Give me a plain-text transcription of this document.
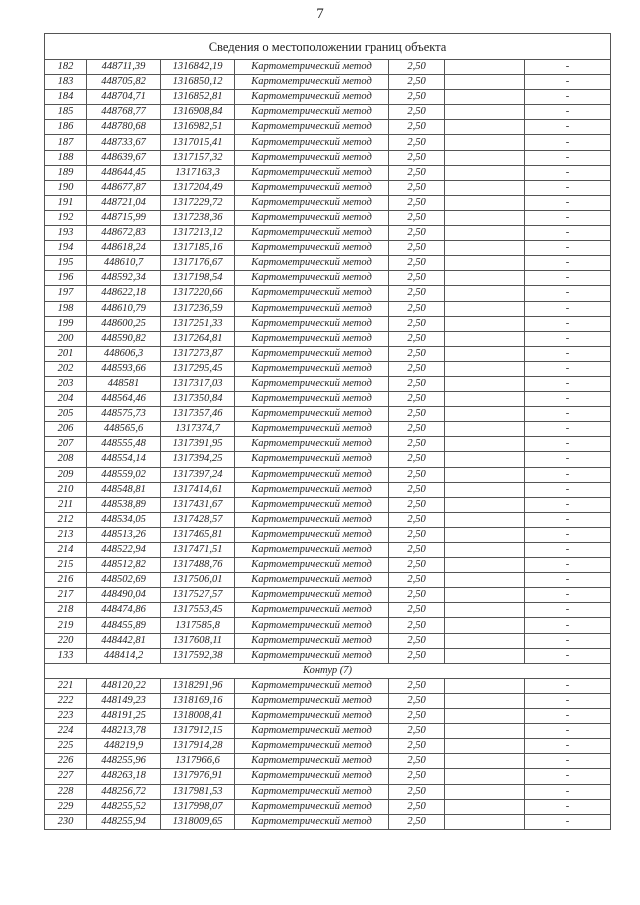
7
Сведения о местоположении границ объекта						
182	448711,39	1316842,19	Картометрический метод	2,50		-
183	448705,82	1316850,12	Картометрический метод	2,50		-
184	448704,71	1316852,81	Картометрический метод	2,50		-
185	448768,77	1316908,84	Картометрический метод	2,50		-
186	448780,68	1316982,51	Картометрический метод	2,50		-
187	448733,67	1317015,41	Картометрический метод	2,50		-
188	448639,67	1317157,32	Картометрический метод	2,50		-
189	448644,45	1317163,3	Картометрический метод	2,50		-
190	448677,87	1317204,49	Картометрический метод	2,50		-
191	448721,04	1317229,72	Картометрический метод	2,50		-
192	448715,99	1317238,36	Картометрический метод	2,50		-
193	448672,83	1317213,12	Картометрический метод	2,50		-
194	448618,24	1317185,16	Картометрический метод	2,50		-
195	448610,7	1317176,67	Картометрический метод	2,50		-
196	448592,34	1317198,54	Картометрический метод	2,50		-
197	448622,18	1317220,66	Картометрический метод	2,50		-
198	448610,79	1317236,59	Картометрический метод	2,50		-
199	448600,25	1317251,33	Картометрический метод	2,50		-
200	448590,82	1317264,81	Картометрический метод	2,50		-
201	448606,3	1317273,87	Картометрический метод	2,50		-
202	448593,66	1317295,45	Картометрический метод	2,50		-
203	448581	1317317,03	Картометрический метод	2,50		-
204	448564,46	1317350,84	Картометрический метод	2,50		-
205	448575,73	1317357,46	Картометрический метод	2,50		-
206	448565,6	1317374,7	Картометрический метод	2,50		-
207	448555,48	1317391,95	Картометрический метод	2,50		-
208	448554,14	1317394,25	Картометрический метод	2,50		-
209	448559,02	1317397,24	Картометрический метод	2,50		-
210	448548,81	1317414,61	Картометрический метод	2,50		-
211	448538,89	1317431,67	Картометрический метод	2,50		-
212	448534,05	1317428,57	Картометрический метод	2,50		-
213	448513,26	1317465,81	Картометрический метод	2,50		-
214	448522,94	1317471,51	Картометрический метод	2,50		-
215	448512,82	1317488,76	Картометрический метод	2,50		-
216	448502,69	1317506,01	Картометрический метод	2,50		-
217	448490,04	1317527,57	Картометрический метод	2,50		-
218	448474,86	1317553,45	Картометрический метод	2,50		-
219	448455,89	1317585,8	Картометрический метод	2,50		-
220	448442,81	1317608,11	Картометрический метод	2,50		-
133	448414,2	1317592,38	Картометрический метод	2,50		-
Контур (7)						
221	448120,22	1318291,96	Картометрический метод	2,50		-
222	448149,23	1318169,16	Картометрический метод	2,50		-
223	448191,25	1318008,41	Картометрический метод	2,50		-
224	448213,78	1317912,15	Картометрический метод	2,50		-
225	448219,9	1317914,28	Картометрический метод	2,50		-
226	448255,96	1317966,6	Картометрический метод	2,50		-
227	448263,18	1317976,91	Картометрический метод	2,50		-
228	448256,72	1317981,53	Картометрический метод	2,50		-
229	448255,52	1317998,07	Картометрический метод	2,50		-
230	448255,94	1318009,65	Картометрический метод	2,50		-
